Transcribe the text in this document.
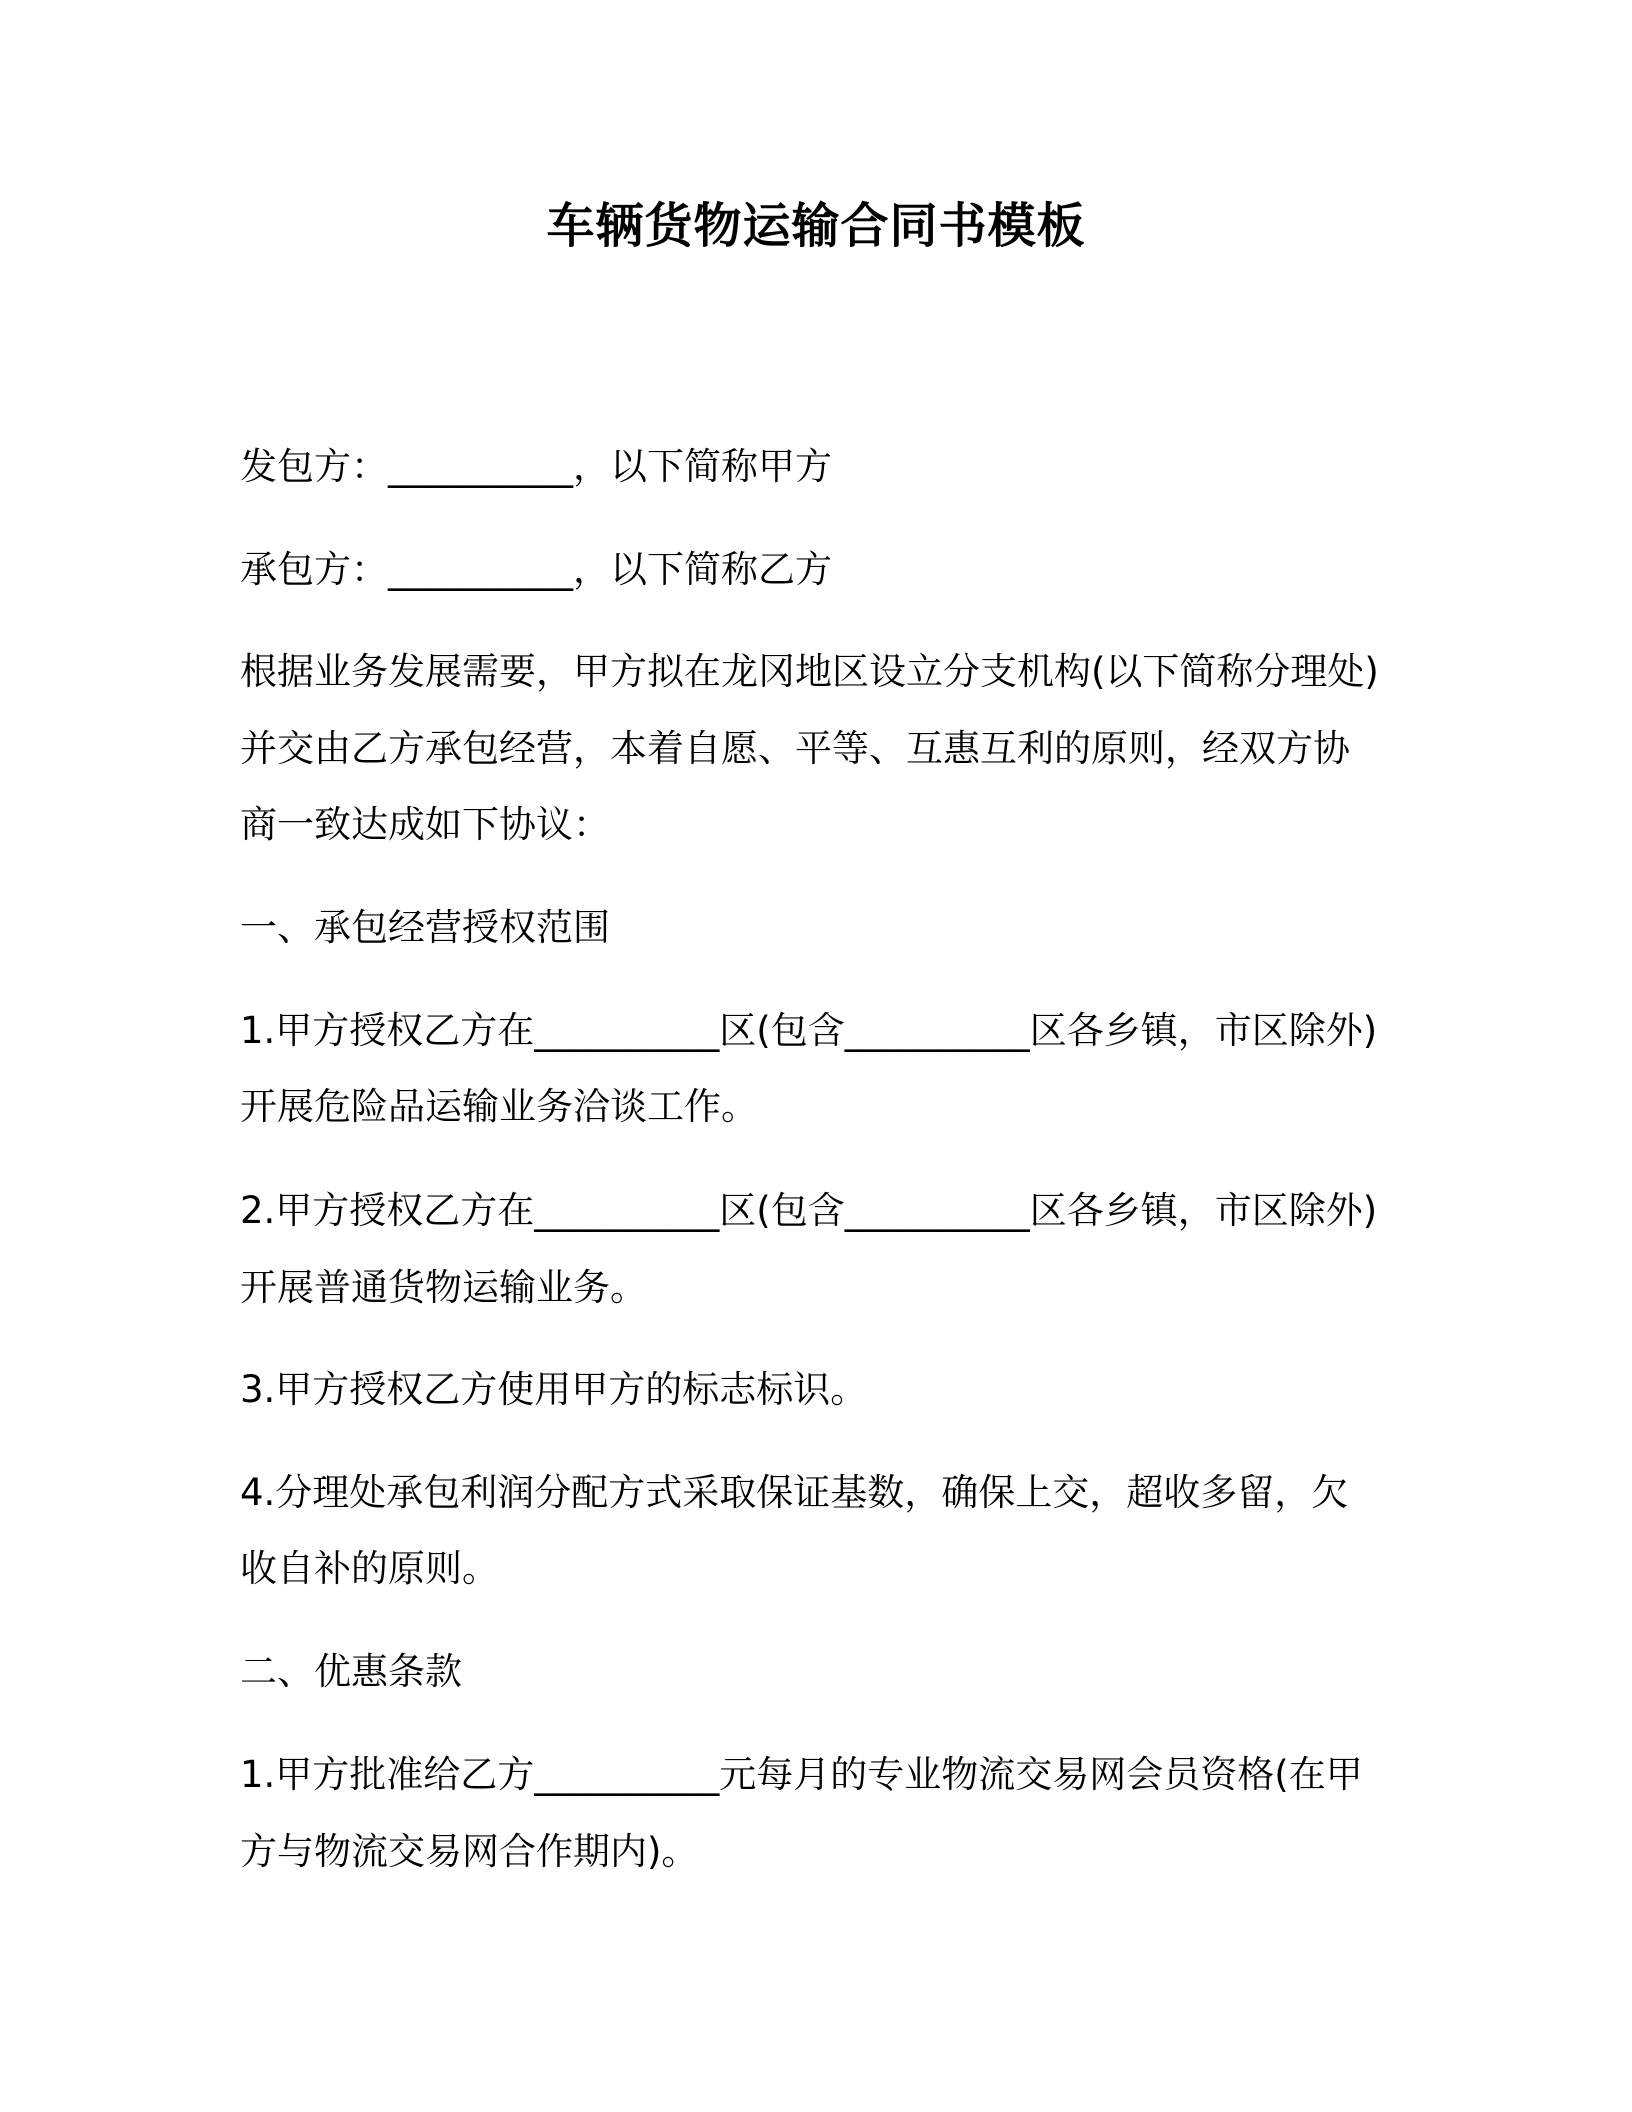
车辆货物运输合同书模板
发包方：__________，以下简称甲方
承包方：__________，以下简称乙方
根据业务发展需要，甲方拟在龙冈地区设立分支机构(以下简称分理处)
并交由乙方承包经营，本着自愿、平等、互惠互利的原则，经双方协
商一致达成如下协议：
一、承包经营授权范围
1.甲方授权乙方在__________区(包含__________区各乡镇，市区除外)
开展危险品运输业务洽谈工作。
2.甲方授权乙方在__________区(包含__________区各乡镇，市区除外)
开展普通货物运输业务。
3.甲方授权乙方使用甲方的标志标识。
4.分理处承包利润分配方式采取保证基数，确保上交，超收多留，欠
收自补的原则。
二、优惠条款
1.甲方批准给乙方__________元每月的专业物流交易网会员资格(在甲
方与物流交易网合作期内)。
